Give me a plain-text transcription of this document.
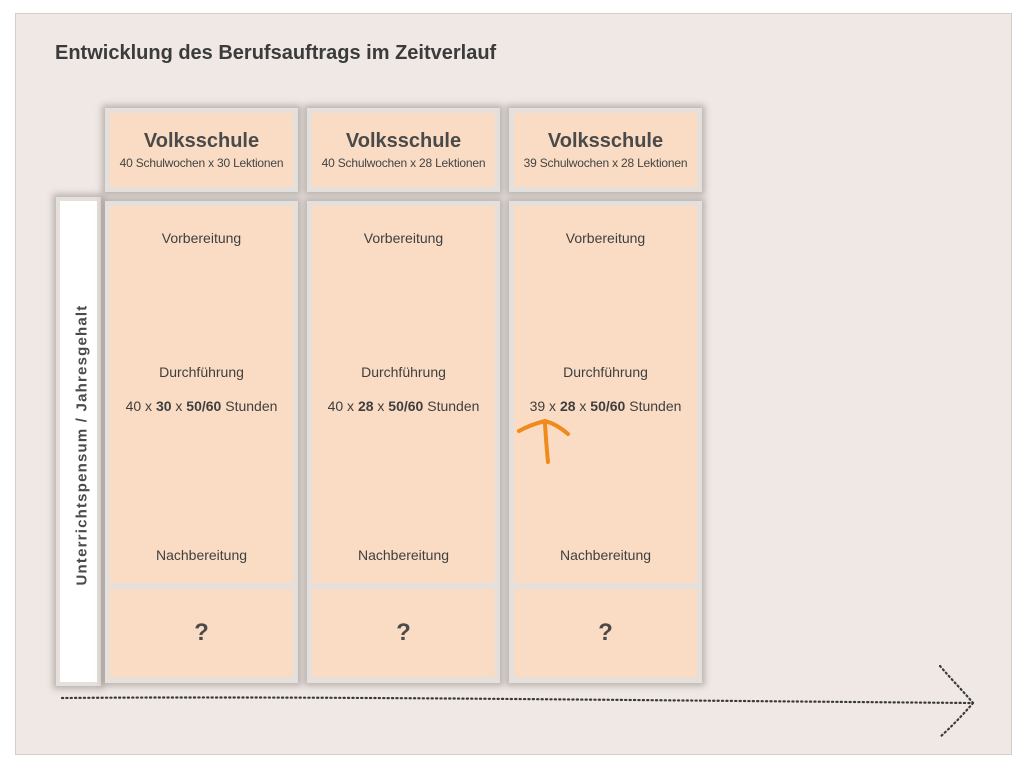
Entwicklung des Berufsauftrags im Zeitverlauf
Unterrichtspensum / Jahresgehalt
Volksschule
40 Schulwochen x 30 Lektionen
Vorbereitung
Durchführung
40 x 30 x 50/60 Stunden
Nachbereitung
?
Volksschule
40 Schulwochen x 28 Lektionen
Vorbereitung
Durchführung
40 x 28 x 50/60 Stunden
Nachbereitung
?
Volksschule
39 Schulwochen x 28 Lektionen
Vorbereitung
Durchführung
39 x 28 x 50/60 Stunden
Nachbereitung
?
